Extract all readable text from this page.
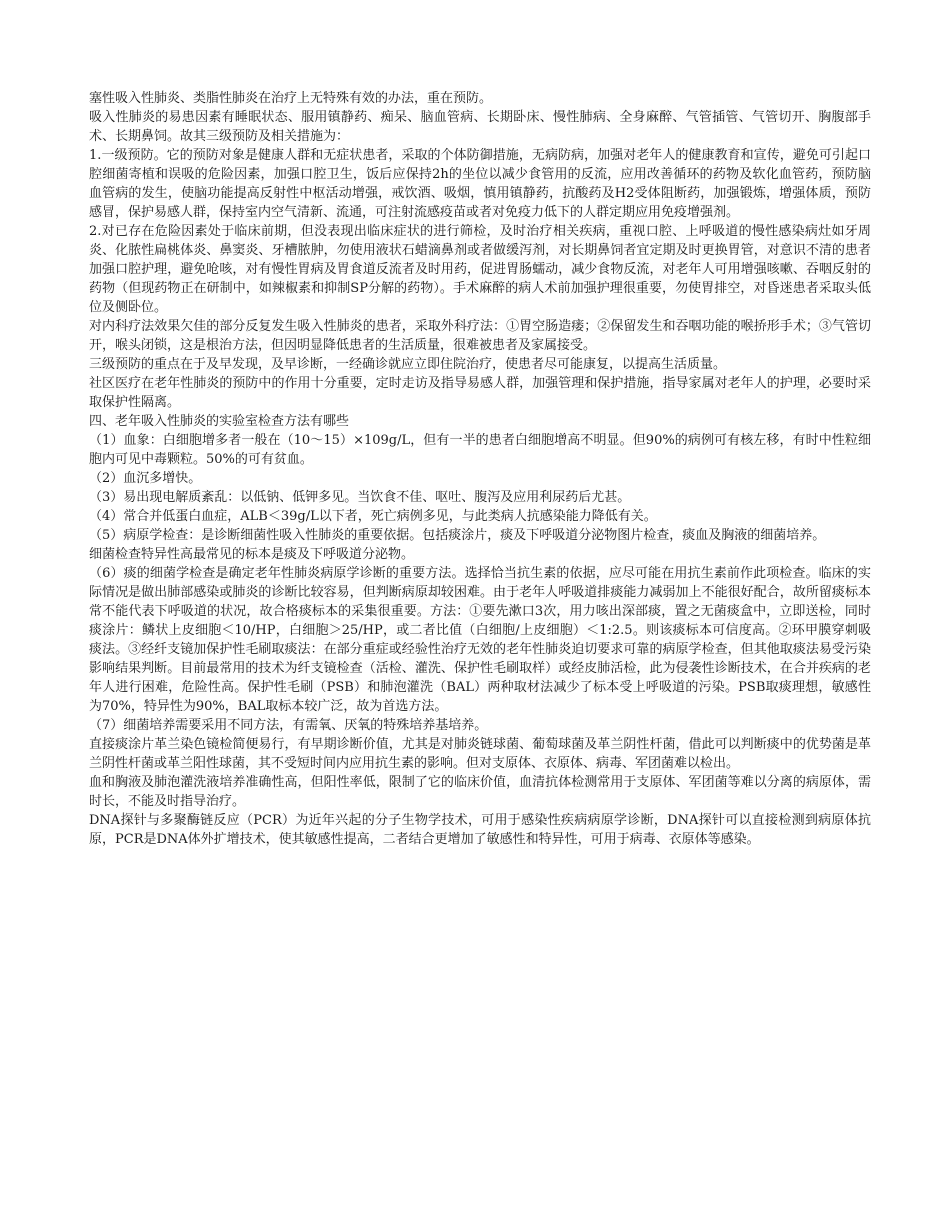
塞性吸入性肺炎、类脂性肺炎在治疗上无特殊有效的办法，重在预防。

吸入性肺炎的易患因素有睡眠状态、服用镇静药、痴呆、脑血管病、长期卧床、慢性肺病、全身麻醉、气管插管、气管切开、胸腹部手术、长期鼻饲。故其三级预防及相关措施为：

1.一级预防。它的预防对象是健康人群和无症状患者，采取的个体防御措施，无病防病，加强对老年人的健康教育和宣传，避免可引起口腔细菌寄植和误吸的危险因素，加强口腔卫生，饭后应保持2h的坐位以减少食管用的反流，应用改善循环的药物及软化血管药，预防脑血管病的发生，使脑功能提高反射性中枢活动增强，戒饮酒、吸烟，慎用镇静药，抗酸药及H2受体阻断药，加强锻炼，增强体质，预防感冒，保护易感人群，保持室内空气清新、流通，可注射流感疫苗或者对免疫力低下的人群定期应用免疫增强剂。

2.对已存在危险因素处于临床前期，但没表现出临床症状的进行筛检，及时治疗相关疾病，重视口腔、上呼吸道的慢性感染病灶如牙周炎、化脓性扁桃体炎、鼻窦炎、牙槽脓肿，勿使用液状石蜡滴鼻剂或者做缓泻剂，对长期鼻饲者宜定期及时更换胃管，对意识不清的患者加强口腔护理，避免呛咳，对有慢性胃病及胃食道反流者及时用药，促进胃肠蠕动，减少食物反流，对老年人可用增强咳嗽、吞咽反射的药物（但现药物正在研制中，如辣椒素和抑制SP分解的药物）。手术麻醉的病人术前加强护理很重要，勿使胃排空，对昏迷患者采取头低位及侧卧位。

对内科疗法效果欠佳的部分反复发生吸入性肺炎的患者，采取外科疗法：①胃空肠造瘘；②保留发生和吞咽功能的喉挢形手术；③气管切开，喉头闭锁，这是根治方法，但因明显降低患者的生活质量，很难被患者及家属接受。

三级预防的重点在于及早发现，及早诊断，一经确诊就应立即住院治疗，使患者尽可能康复，以提高生活质量。

社区医疗在老年性肺炎的预防中的作用十分重要，定时走访及指导易感人群，加强管理和保护措施，指导家属对老年人的护理，必要时采取保护性隔离。

四、老年吸入性肺炎的实验室检查方法有哪些

（1）血象：白细胞增多者一般在（10～15）×109g/L，但有一半的患者白细胞增高不明显。但90%的病例可有核左移，有时中性粒细胞内可见中毒颗粒。50%的可有贫血。

（2）血沉多增快。

（3）易出现电解质紊乱：以低钠、低钾多见。当饮食不佳、呕吐、腹泻及应用利尿药后尤甚。

（4）常合并低蛋白血症，ALB＜39g/L以下者，死亡病例多见，与此类病人抗感染能力降低有关。

（5）病原学检查：是诊断细菌性吸入性肺炎的重要依据。包括痰涂片，痰及下呼吸道分泌物图片检查，痰血及胸液的细菌培养。

细菌检查特异性高最常见的标本是痰及下呼吸道分泌物。

（6）痰的细菌学检查是确定老年性肺炎病原学诊断的重要方法。选择恰当抗生素的依据，应尽可能在用抗生素前作此项检查。临床的实际情况是做出肺部感染或肺炎的诊断比较容易，但判断病原却较困难。由于老年人呼吸道排痰能力减弱加上不能很好配合，故所留痰标本常不能代表下呼吸道的状况，故合格痰标本的采集很重要。方法：①要先漱口3次，用力咳出深部痰，置之无菌痰盒中，立即送检，同时痰涂片：鳞状上皮细胞＜10/HP，白细胞＞25/HP，或二者比值（白细胞/上皮细胞）＜1:2.5。则该痰标本可信度高。②环甲膜穿刺吸痰法。③经纤支镜加保护性毛刷取痰法：在部分重症或经验性治疗无效的老年性肺炎迫切要求可靠的病原学检查，但其他取痰法易受污染影响结果判断。目前最常用的技术为纤支镜检查（活检、灌洗、保护性毛刷取样）或经皮肺活检，此为侵袭性诊断技术，在合并疾病的老年人进行困难，危险性高。保护性毛刷（PSB）和肺泡灌洗（BAL）两种取材法减少了标本受上呼吸道的污染。PSB取痰理想，敏感性为70%，特异性为90%，BAL取标本较广泛，故为首选方法。

（7）细菌培养需要采用不同方法，有需氧、厌氧的特殊培养基培养。

直接痰涂片革兰染色镜检简便易行，有早期诊断价值，尤其是对肺炎链球菌、葡萄球菌及革兰阴性杆菌，借此可以判断痰中的优势菌是革兰阴性杆菌或革兰阳性球菌，其不受短时间内应用抗生素的影响。但对支原体、衣原体、病毒、军团菌难以检出。

血和胸液及肺泡灌洗液培养准确性高，但阳性率低，限制了它的临床价值，血清抗体检测常用于支原体、军团菌等难以分离的病原体，需时长，不能及时指导治疗。

DNA探针与多聚酶链反应（PCR）为近年兴起的分子生物学技术，可用于感染性疾病病原学诊断，DNA探针可以直接检测到病原体抗原，PCR是DNA体外扩增技术，使其敏感性提高，二者结合更增加了敏感性和特异性，可用于病毒、衣原体等感染。
